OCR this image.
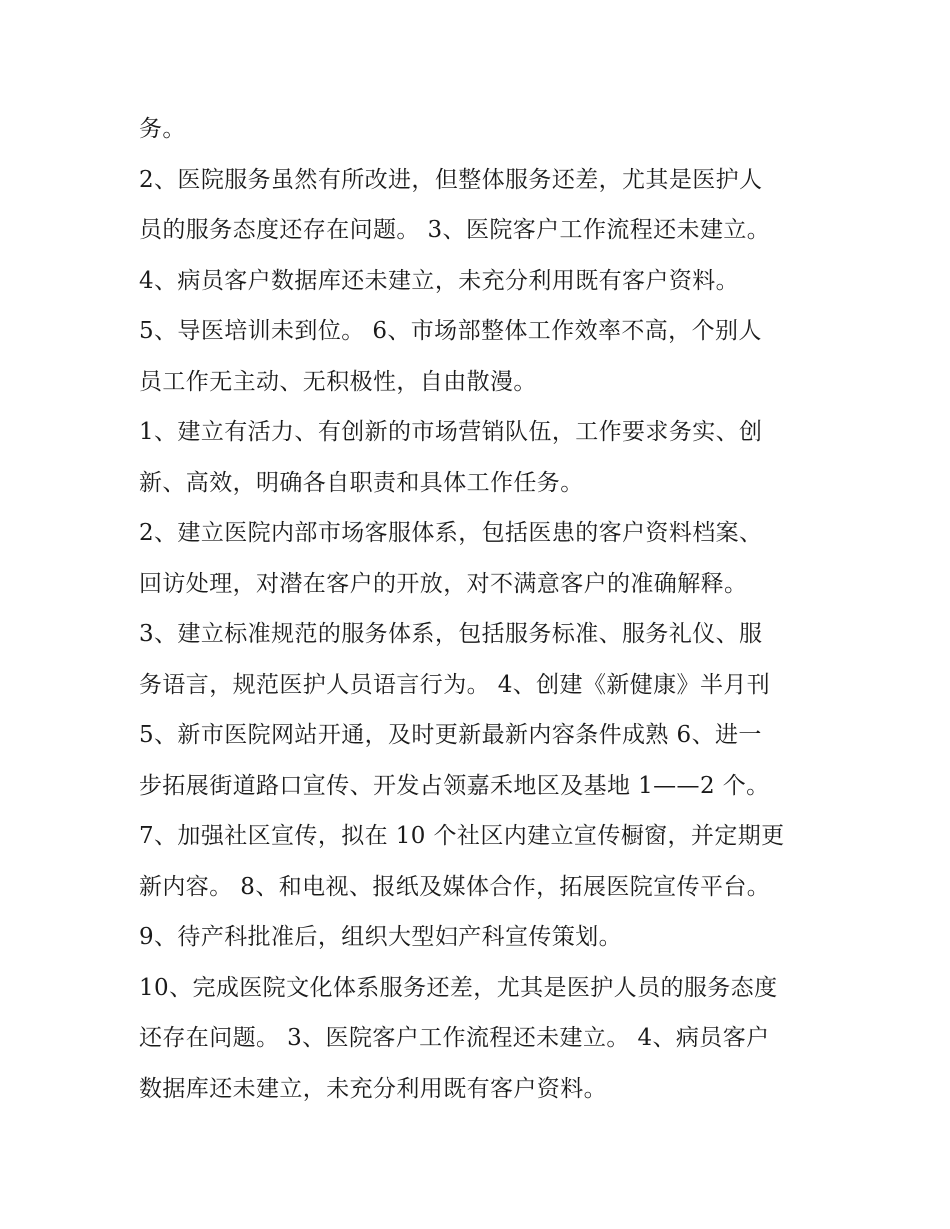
务。
2、医院服务虽然有所改进，但整体服务还差，尤其是医护人
员的服务态度还存在问题。 3、医院客户工作流程还未建立。
4、病员客户数据库还未建立，未充分利用既有客户资料。
5、导医培训未到位。 6、市场部整体工作效率不高，个别人
员工作无主动、无积极性，自由散漫。
1、建立有活力、有创新的市场营销队伍，工作要求务实、创
新、高效，明确各自职责和具体工作任务。
2、建立医院内部市场客服体系，包括医患的客户资料档案、
回访处理，对潜在客户的开放，对不满意客户的准确解释。
3、建立标准规范的服务体系，包括服务标准、服务礼仪、服
务语言，规范医护人员语言行为。 4、创建《新健康》半月刊
5、新市医院网站开通，及时更新最新内容条件成熟 6、进一
步拓展街道路口宣传、开发占领嘉禾地区及基地 1——2 个。
7、加强社区宣传，拟在 10 个社区内建立宣传橱窗，并定期更
新内容。 8、和电视、报纸及媒体合作，拓展医院宣传平台。
9、待产科批准后，组织大型妇产科宣传策划。
10、完成医院文化体系服务还差，尤其是医护人员的服务态度
还存在问题。 3、医院客户工作流程还未建立。 4、病员客户
数据库还未建立，未充分利用既有客户资料。
